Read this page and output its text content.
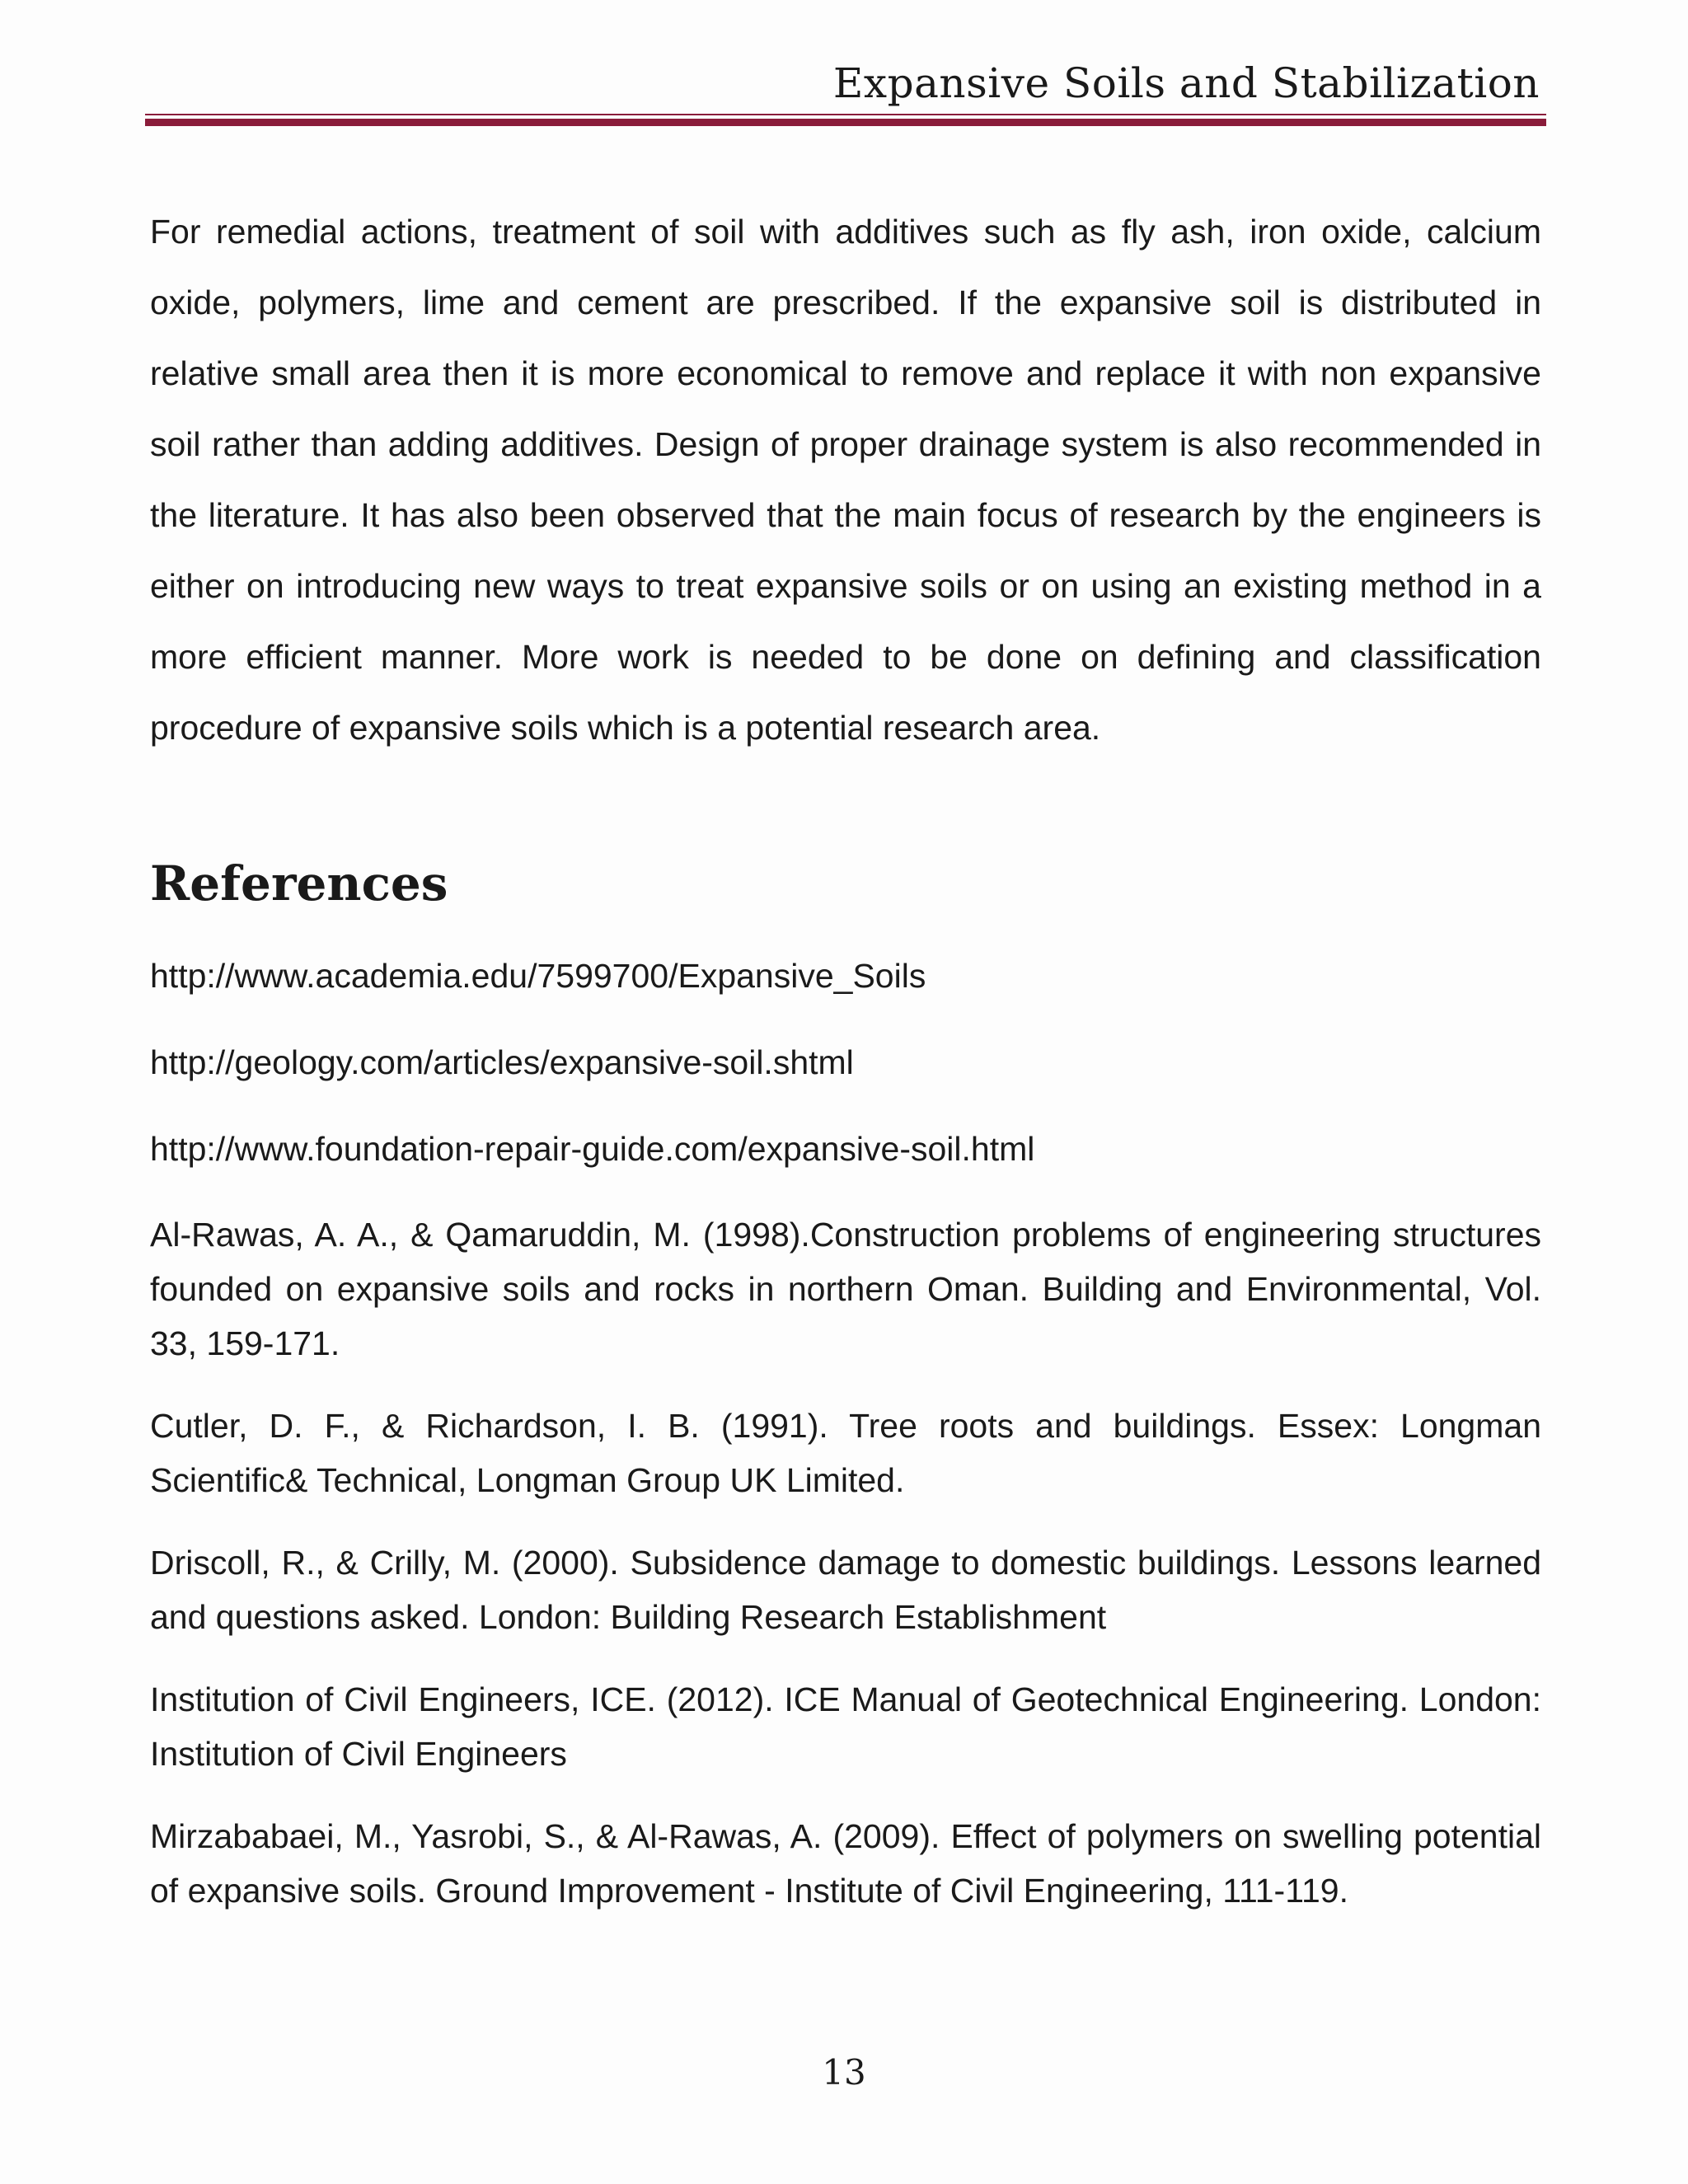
Expansive Soils and Stabilization

For remedial actions, treatment of soil with additives such as fly ash, iron oxide, calcium oxide, polymers, lime and cement are prescribed. If the expansive soil is distributed in relative small area then it is more economical to remove and replace it with non expansive soil rather than adding additives. Design of proper drainage system is also recommended in the literature. It has also been observed that the main focus of research by the engineers is either on introducing new ways to treat expansive soils or on using an existing method in a more efficient manner. More work is needed to be done on defining and classification procedure of expansive soils which is a potential research area.

References

http://www.academia.edu/7599700/Expansive_Soils

http://geology.com/articles/expansive-soil.shtml

http://www.foundation-repair-guide.com/expansive-soil.html

Al-Rawas, A. A., & Qamaruddin, M. (1998).Construction problems of engineering structures founded on expansive soils and rocks in northern Oman. Building and Environmental, Vol. 33, 159-171.

Cutler, D. F., & Richardson, I. B. (1991). Tree roots and buildings. Essex: Longman Scientific& Technical, Longman Group UK Limited.

Driscoll, R., & Crilly, M. (2000). Subsidence damage to domestic buildings. Lessons learned and questions asked. London: Building Research Establishment

Institution of Civil Engineers, ICE. (2012). ICE Manual of Geotechnical Engineering. London: Institution of Civil Engineers

Mirzababaei, M., Yasrobi, S., & Al-Rawas, A. (2009). Effect of polymers on swelling potential of expansive soils. Ground Improvement - Institute of Civil Engineering, 111-119.

13
